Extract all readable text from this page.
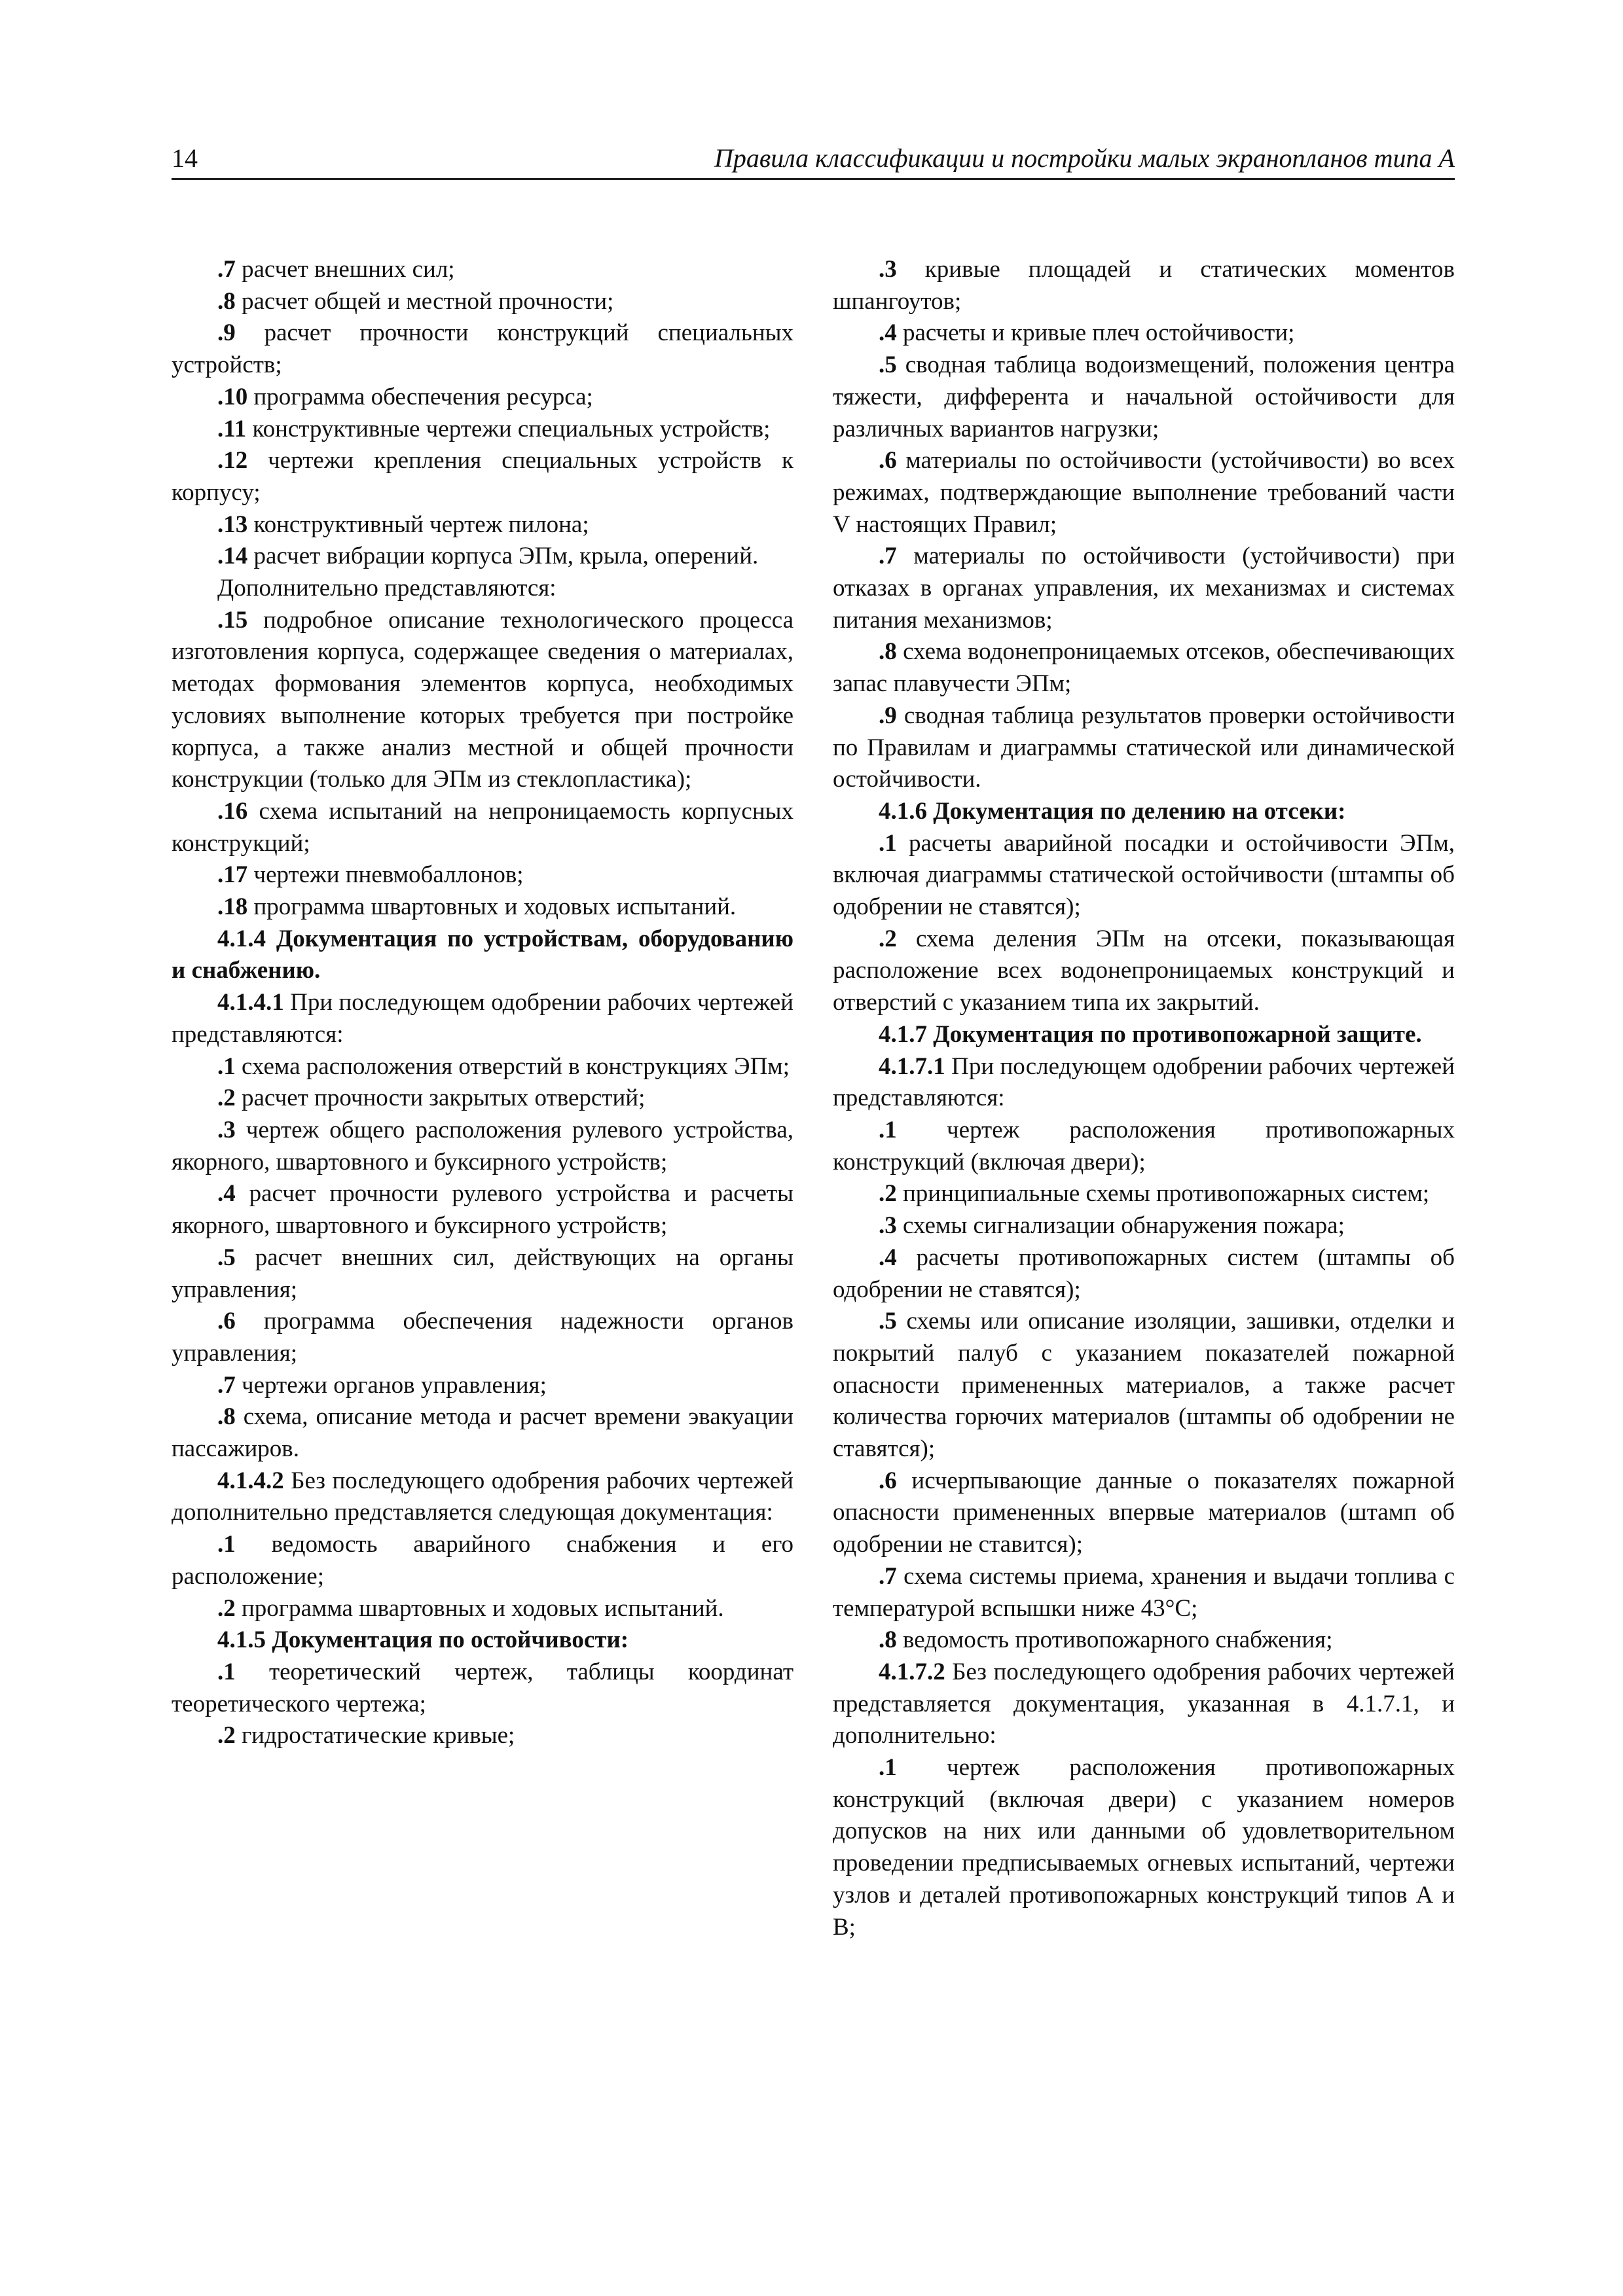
14	Правила классификации и постройки малых экранопланов типа А

.7 расчет внешних сил;

.8 расчет общей и местной прочности;

.9 расчет прочности конструкций специальных устройств;

.10 программа обеспечения ресурса;

.11 конструктивные чертежи специальных устройств;

.12 чертежи крепления специальных устройств к корпусу;

.13 конструктивный чертеж пилона;

.14 расчет вибрации корпуса ЭПм, крыла, оперений.

Дополнительно представляются:

.15 подробное описание технологического процесса изготовления корпуса, содержащее сведения о материалах, методах формования элементов корпуса, необходимых условиях выполнение которых требуется при постройке корпуса, а также анализ местной и общей прочности конструкции (только для ЭПм из стеклопластика);

.16 схема испытаний на непроницаемость корпусных конструкций;

.17 чертежи пневмобаллонов;

.18 программа швартовных и ходовых испытаний.

4.1.4 Документация по устройствам, оборудованию и снабжению.

4.1.4.1 При последующем одобрении рабочих чертежей представляются:

.1 схема расположения отверстий в конструкциях ЭПм;

.2 расчет прочности закрытых отверстий;

.3 чертеж общего расположения рулевого устройства, якорного, швартовного и буксирного устройств;

.4 расчет прочности рулевого устройства и расчеты якорного, швартовного и буксирного устройств;

.5 расчет внешних сил, действующих на органы управления;

.6 программа обеспечения надежности органов управления;

.7 чертежи органов управления;

.8 схема, описание метода и расчет времени эвакуации пассажиров.

4.1.4.2 Без последующего одобрения рабочих чертежей дополнительно представляется следующая документация:

.1 ведомость аварийного снабжения и его расположение;

.2 программа швартовных и ходовых испытаний.

4.1.5 Документация по остойчивости:

.1 теоретический чертеж, таблицы координат теоретического чертежа;

.2 гидростатические кривые;

.3 кривые площадей и статических моментов шпангоутов;

.4 расчеты и кривые плеч остойчивости;

.5 сводная таблица водоизмещений, положения центра тяжести, дифферента и начальной остойчивости для различных вариантов нагрузки;

.6 материалы по остойчивости (устойчивости) во всех режимах, подтверждающие выполнение требований части V настоящих Правил;

.7 материалы по остойчивости (устойчивости) при отказах в органах управления, их механизмах и системах питания механизмов;

.8 схема водонепроницаемых отсеков, обеспечивающих запас плавучести ЭПм;

.9 сводная таблица результатов проверки остойчивости по Правилам и диаграммы статической или динамической остойчивости.

4.1.6 Документация по делению на отсеки:

.1 расчеты аварийной посадки и остойчивости ЭПм, включая диаграммы статической остойчивости (штампы об одобрении не ставятся);

.2 схема деления ЭПм на отсеки, показывающая расположение всех водонепроницаемых конструкций и отверстий с указанием типа их закрытий.

4.1.7 Документация по противопожарной защите.

4.1.7.1 При последующем одобрении рабочих чертежей представляются:

.1 чертеж расположения противопожарных конструкций (включая двери);

.2 принципиальные схемы противопожарных систем;

.3 схемы сигнализации обнаружения пожара;

.4 расчеты противопожарных систем (штампы об одобрении не ставятся);

.5 схемы или описание изоляции, зашивки, отделки и покрытий палуб с указанием показателей пожарной опасности примененных материалов, а также расчет количества горючих материалов (штампы об одобрении не ставятся);

.6 исчерпывающие данные о показателях пожарной опасности примененных впервые материалов (штамп об одобрении не ставится);

.7 схема системы приема, хранения и выдачи топлива с температурой вспышки ниже 43°С;

.8 ведомость противопожарного снабжения;

4.1.7.2 Без последующего одобрения рабочих чертежей представляется документация, указанная в 4.1.7.1, и дополнительно:

.1 чертеж расположения противопожарных конструкций (включая двери) с указанием номеров допусков на них или данными об удовлетворительном проведении предписываемых огневых испытаний, чертежи узлов и деталей противопожарных конструкций типов А и В;
